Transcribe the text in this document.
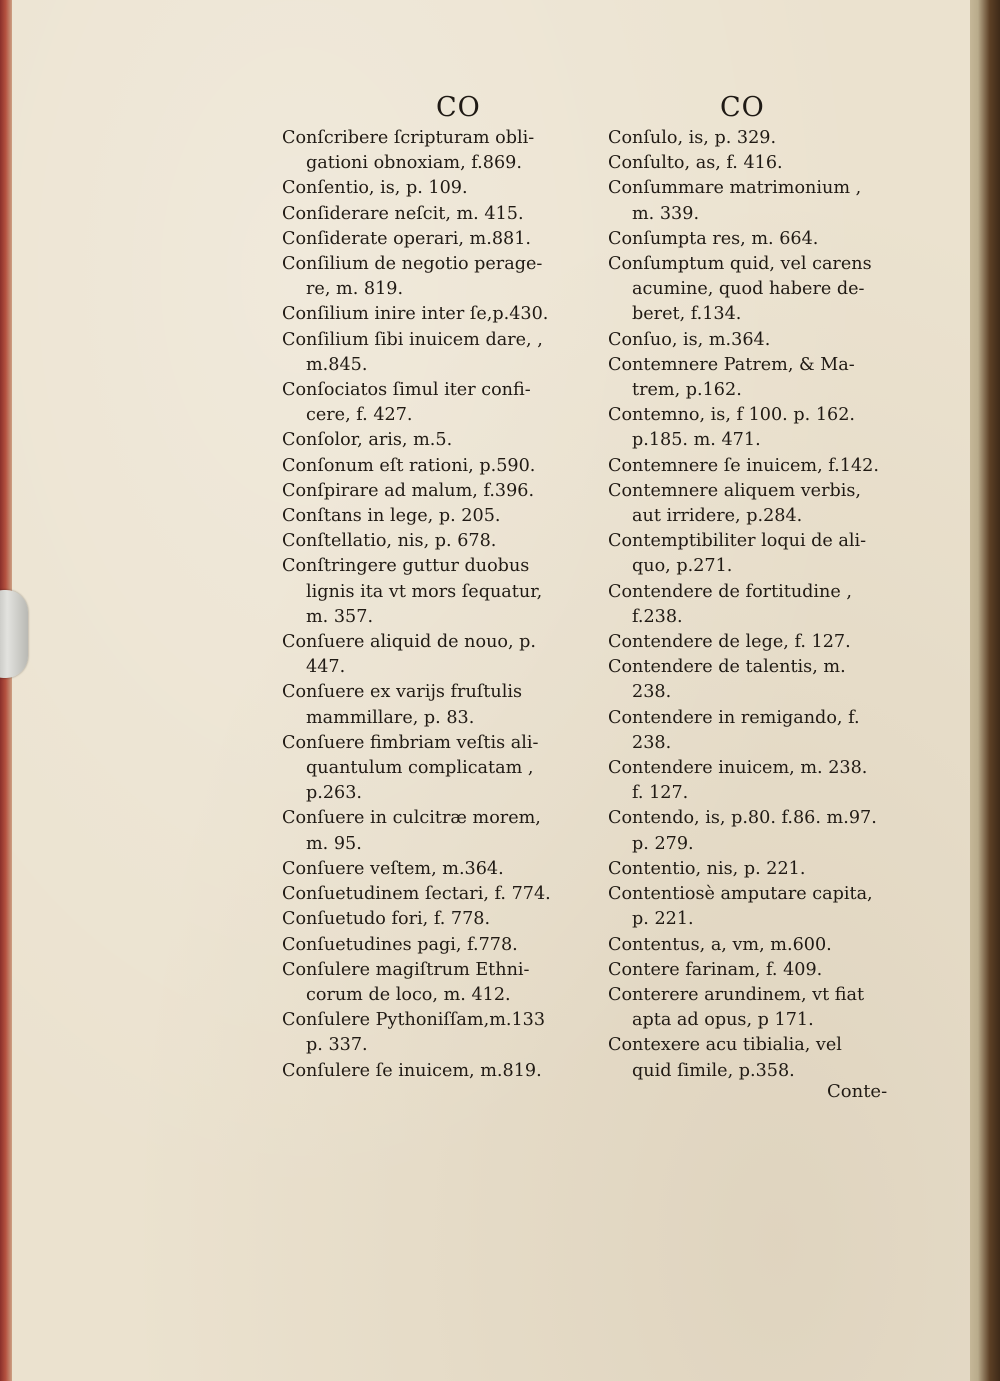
CO	CO
Conſcribere ſcripturam obli-
gationi obnoxiam, f.869.
Conſentio, is, p. 109.
Conſiderare neſcit, m. 415.
Conſiderate operari, m.881.
Conſilium de negotio perage-
re, m. 819.
Conſilium inire inter ſe,p.430.
Conſilium ſibi inuicem dare, ,
m.845.
Conſociatos ſimul iter confi-
cere, f. 427.
Conſolor, aris, m.5.
Conſonum eſt rationi, p.590.
Conſpirare ad malum, f.396.
Conſtans in lege, p. 205.
Conſtellatio, nis, p. 678.
Conſtringere guttur duobus
lignis ita vt mors ſequatur,
m. 357.
Conſuere aliquid de nouo, p.
447.
Conſuere ex varijs fruſtulis
mammillare, p. 83.
Conſuere fimbriam veſtis ali-
quantulum complicatam ,
p.263.
Conſuere in culcitræ morem,
m. 95.
Conſuere veſtem, m.364.
Conſuetudinem ſectari, f. 774.
Conſuetudo fori, f. 778.
Conſuetudines pagi, f.778.
Conſulere magiſtrum Ethni-
corum de loco, m. 412.
Conſulere Pythoniſſam,m.133
p. 337.
Conſulere ſe inuicem, m.819.
Conſulo, is, p. 329.
Conſulto, as, f. 416.
Conſummare matrimonium ,
m. 339.
Conſumpta res, m. 664.
Conſumptum quid, vel carens
acumine, quod habere de-
beret, f.134.
Conſuo, is, m.364.
Contemnere Patrem, & Ma-
trem, p.162.
Contemno, is, f 100. p. 162.
p.185. m. 471.
Contemnere ſe inuicem, f.142.
Contemnere aliquem verbis,
aut irridere, p.284.
Contemptibiliter loqui de ali-
quo, p.271.
Contendere de fortitudine ,
f.238.
Contendere de lege, f. 127.
Contendere de talentis, m.
238.
Contendere in remigando, f.
238.
Contendere inuicem, m. 238.
f. 127.
Contendo, is, p.80. f.86. m.97.
p. 279.
Contentio, nis, p. 221.
Contentiosè amputare capita,
p. 221.
Contentus, a, vm, m.600.
Contere farinam, f. 409.
Conterere arundinem, vt fiat
apta ad opus, p 171.
Contexere acu tibialia, vel
quid ſimile, p.358.
Conte-
